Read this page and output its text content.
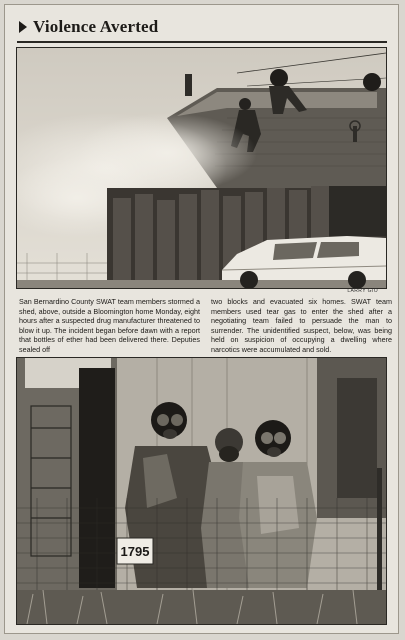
Violence Averted
LARRY GIO

San Bernardino County SWAT team members stormed a shed, above, outside a Bloomington home Monday, eight hours after a suspected drug manufacturer threatened to blow it up. The incident began before dawn with a report that bottles of ether had been delivered there. Deputies sealed off

two blocks and evacuated six homes. SWAT team members used tear gas to enter the shed after a negotiating team failed to persuade the man to surrender. The unidentified suspect, below, was being held on suspicion of occupying a dwelling where narcotics were accumulated and sold.

1795
